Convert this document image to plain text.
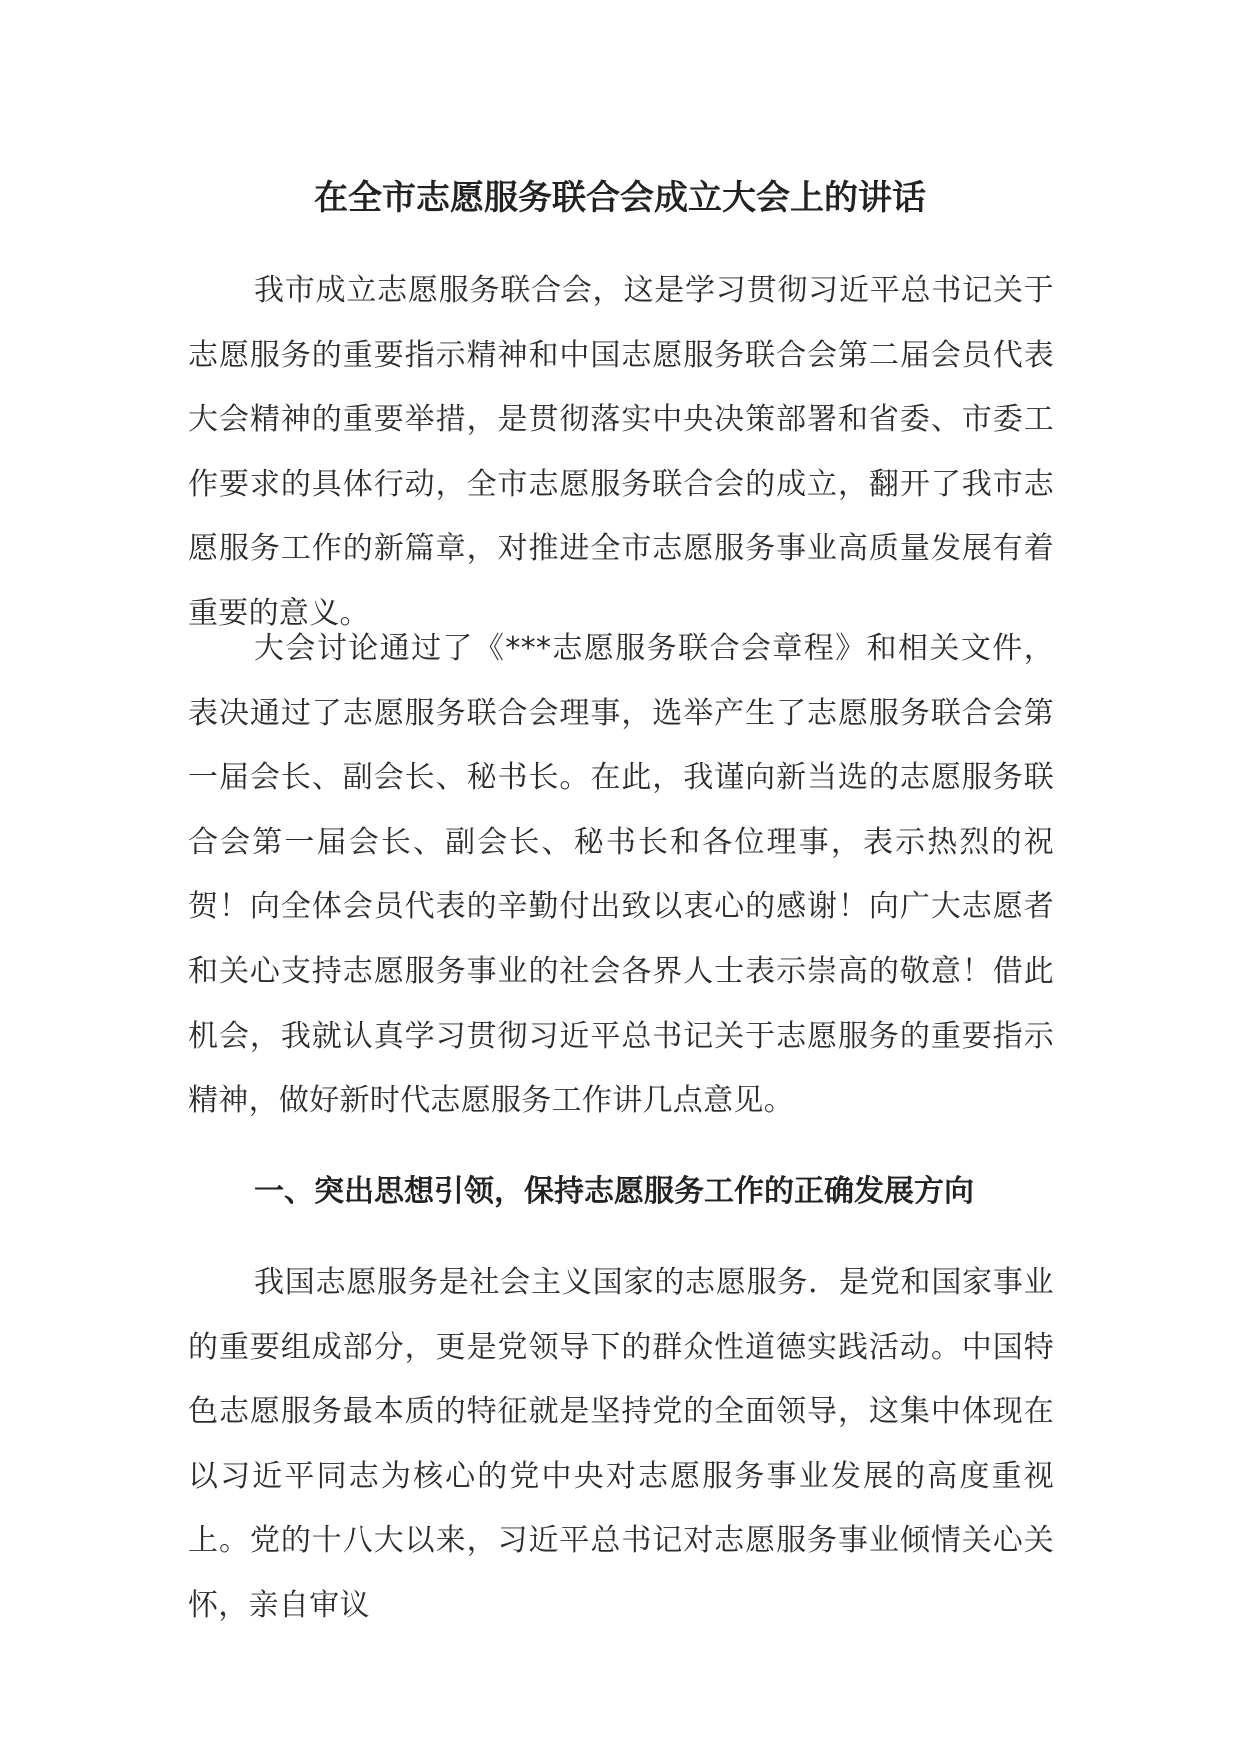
在全市志愿服务联合会成立大会上的讲话

我市成立志愿服务联合会，这是学习贯彻习近平总书记关于志愿服务的重要指示精神和中国志愿服务联合会第二届会员代表大会精神的重要举措，是贯彻落实中央决策部署和省委、市委工作要求的具体行动，全市志愿服务联合会的成立，翻开了我市志愿服务工作的新篇章，对推进全市志愿服务事业高质量发展有着重要的意义。

大会讨论通过了《***志愿服务联合会章程》和相关文件，表决通过了志愿服务联合会理事，选举产生了志愿服务联合会第一届会长、副会长、秘书长。在此，我谨向新当选的志愿服务联合会第一届会长、副会长、秘书长和各位理事，表示热烈的祝贺！向全体会员代表的辛勤付出致以衷心的感谢！向广大志愿者和关心支持志愿服务事业的社会各界人士表示崇高的敬意！借此机会，我就认真学习贯彻习近平总书记关于志愿服务的重要指示精神，做好新时代志愿服务工作讲几点意见。

一、突出思想引领，保持志愿服务工作的正确发展方向

我国志愿服务是社会主义国家的志愿服务．是党和国家事业的重要组成部分，更是党领导下的群众性道德实践活动。中国特色志愿服务最本质的特征就是坚持党的全面领导，这集中体现在以习近平同志为核心的党中央对志愿服务事业发展的高度重视上。党的十八大以来，习近平总书记对志愿服务事业倾情关心关怀，亲自审议
